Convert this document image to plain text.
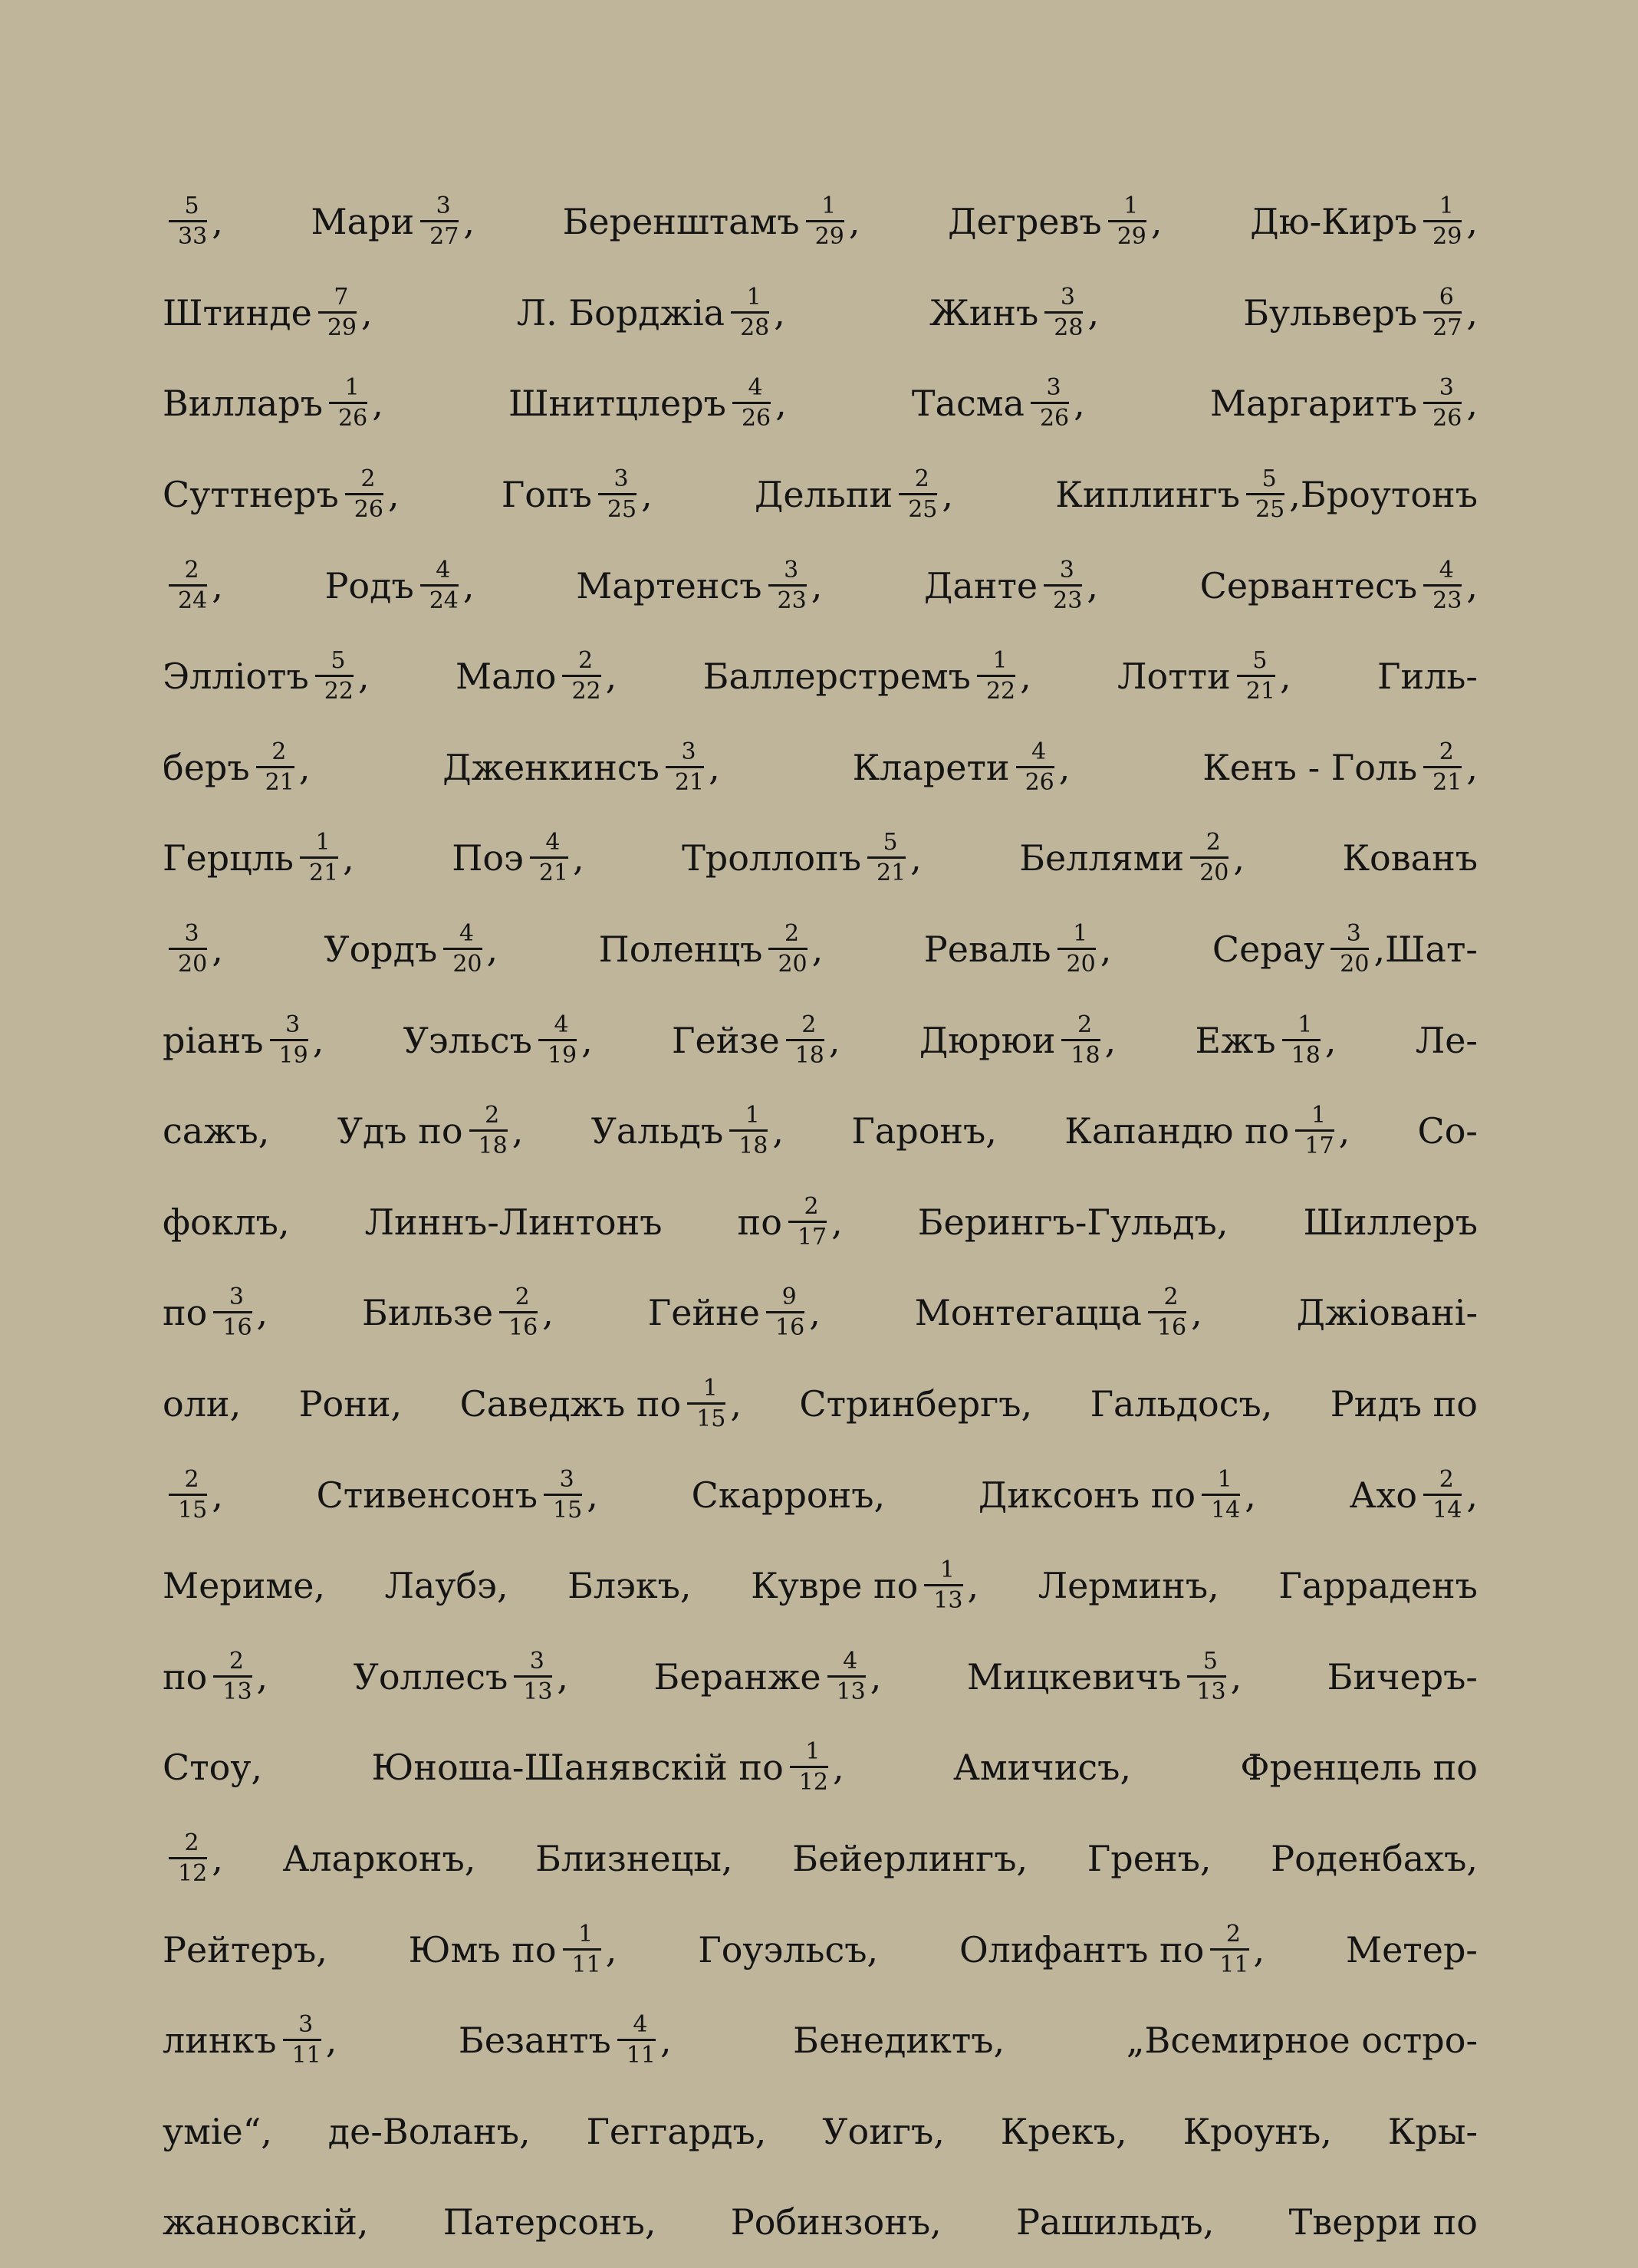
$\frac{5}{33}$ , Мари $\frac{3}{27}$ , Беренштамъ $\frac{1}{29}$ , Дегревъ $\frac{1}{29}$ , Дю-Киръ $\frac{1}{29}$ ,
Штинде $\frac{7}{29}$ ,	Л. Борджіа $\frac{1}{28}$ ,	Жинъ $\frac{3}{28}$ ,	Бульверъ $\frac{6}{27}$ ,
Вилларъ $\frac{1}{26}$ ,	Шнитцлеръ $\frac{4}{26}$ ,	Тасма $\frac{3}{26}$ ,	Маргаритъ $\frac{3}{26}$ ,
Суттнеръ $\frac{2}{26}$ ,	Гопъ $\frac{3}{25}$ ,	Дельпи $\frac{2}{25}$ ,	Киплингъ $\frac{5}{25}$ ,Броутонъ
$\frac{2}{24}$ ,	Родъ $\frac{4}{24}$ ,	Мартенсъ $\frac{3}{23}$ ,	Данте $\frac{3}{23}$ ,	Сервантесъ $\frac{4}{23}$ ,
Элліотъ $\frac{5}{22}$ , Мало $\frac{2}{22}$ , Баллерстремъ $\frac{1}{22}$ , Лотти $\frac{5}{21}$ , Гиль-
беръ $\frac{2}{21}$ ,	Дженкинсъ $\frac{3}{21}$ ,	Кларети $\frac{4}{26}$ ,	Кенъ - Голь $\frac{2}{21}$ ,
Герцль $\frac{1}{21}$ ,	Поэ $\frac{4}{21}$ ,	Троллопъ $\frac{5}{21}$ ,	Беллями $\frac{2}{20}$ ,	Кованъ
$\frac{3}{20}$ ,	Уордъ $\frac{4}{20}$ ,	Поленцъ $\frac{2}{20}$ ,	Реваль $\frac{1}{20}$ ,	Серау $\frac{3}{20} ,Шат-$
ріанъ $\frac{3}{19}$ , Уэльсъ $\frac{4}{19}$ , Гейзе $\frac{2}{18}$ , Дюрюи $\frac{2}{18}$ , Ежъ $\frac{1}{18}$ , Ле-
сажъ, Удъ по $\frac{2}{18}$ , Уальдъ $\frac{1}{18}$ , Гаронъ, Капандю по $\frac{1}{17}$ , Со-
фоклъ, Линнъ-Линтонъ по $\frac{2}{17}$ , Берингъ-Гульдъ, Шиллеръ
по $\frac{3}{16}$ ,	Бильзе $\frac{2}{16}$ ,	Гейне $\frac{9}{16}$ ,	Монтегацца $\frac{2}{16}$ ,	Джіовані-
оли, Рони, Саведжъ по $\frac{1}{15}$ , Стринбергъ, Гальдосъ, Ридъ по
$\frac{2}{15}$ ,	Стивенсонъ $\frac{3}{15}$ ,	Скарронъ,	Диксонъ по $\frac{1}{14}$ ,	Ахо $\frac{2}{14}$ ,
Мериме, Лаубэ, Блэкъ, Кувре по $\frac{1}{13}$ , Лерминъ, Гарраденъ
по $\frac{2}{13}$ , Уоллесъ $\frac{3}{13}$ , Беранже $\frac{4}{13}$ , Мицкевичъ $\frac{5}{13}$ , Бичеръ-
Стоу,	Юноша-Шанявскій по $\frac{1}{12}$ ,	Амичисъ,	Френцель по
$\frac{2}{12}$ , Аларконъ, Близнецы, Бейерлингъ, Гренъ, Роденбахъ,
Рейтеръ, Юмъ по $\frac{1}{11}$ , Гоуэльсъ, Олифантъ по $\frac{2}{11}$ , Метер-
линкъ $\frac{3}{11}$ ,	Безантъ $\frac{4}{11}$ ,	Бенедиктъ,	„Всемирное остро-
уміе“, де-Воланъ, Геггардъ, Уоигъ, Крекъ, Кроунъ, Кры-
жановскій, Патерсонъ, Робинзонъ, Рашильдъ, Тверри по
